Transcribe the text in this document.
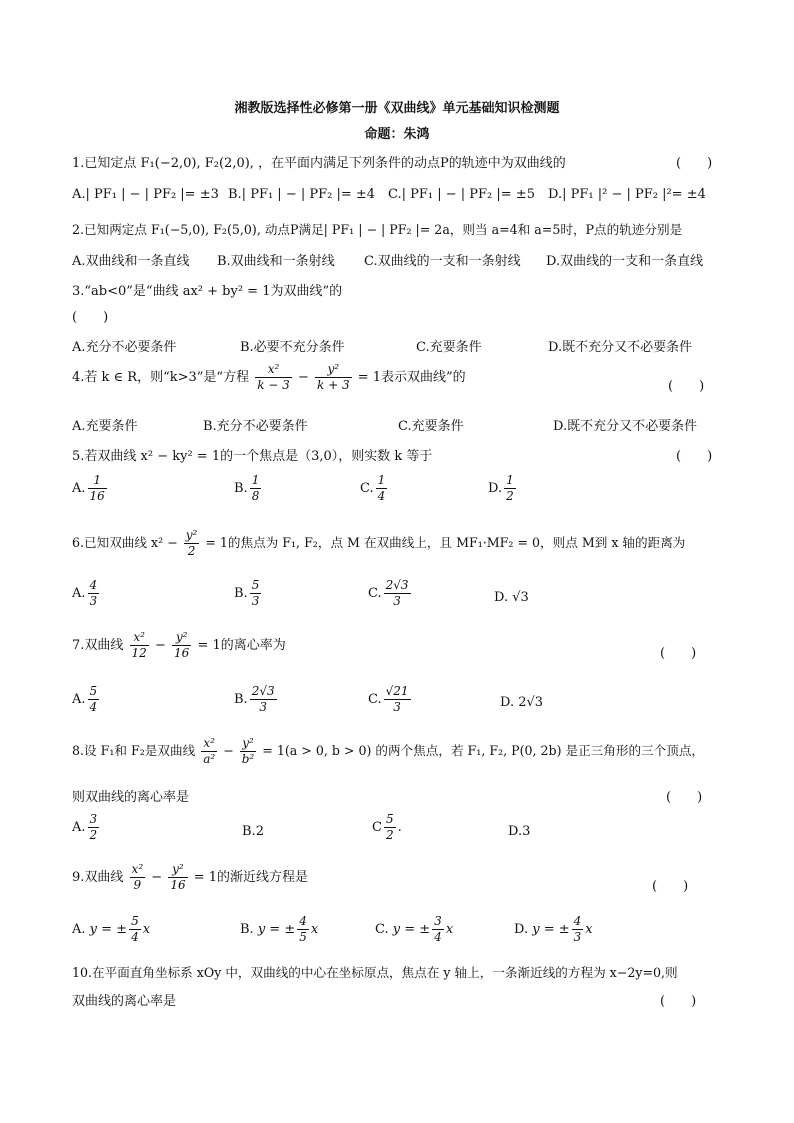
湘教版选择性必修第一册《双曲线》单元基础知识检测题
命题：朱鸿
1.已知定点 F₁(−2,0), F₂(2,0), ，在平面内满足下列条件的动点P的轨迹中为双曲线的	(　　)
A.| PF₁ | − | PF₂ |= ±3 B.| PF₁ | − | PF₂ |= ±4 C.| PF₁ | − | PF₂ |= ±5 D.| PF₁ |² − | PF₂ |²= ±4
2.已知两定点 F₁(−5,0), F₂(5,0), 动点P满足| PF₁ | − | PF₂ |= 2a，则当 a=4和 a=5时，P点的轨迹分别是
A.双曲线和一条直线 B.双曲线和一条射线 C.双曲线的一支和一条射线 D.双曲线的一支和一条直线
3.“ab<0”是“曲线 ax² + by² = 1为双曲线”的
(　　)
A.充分不必要条件	B.必要不充分条件	C.充要条件	D.既不充分又不必要条件
4.若 k ∈ R，则“k>3”是“方程 $\frac{\text{x²}}{k - 3} - \frac{\text{y²}}{k + 3} = 1$表示双曲线”的
(　　)
A.充要条件	B.充分不必要条件	C.充要条件	D.既不充分又不必要条件
5.若双曲线 x² − ky² = 1的一个焦点是（3,0），则实数 k 等于	(　　)
A. $\frac{1}{16}$	B. $\frac{1}{8}$	C. $\frac{1}{4}$	D. $\frac{1}{2}$
6.已知双曲线 $x^2 - \frac{\text{y²}}{2} = 1$的焦点为 F₁, F₂，点 M 在双曲线上，且 MF₁·MF₂ = 0，则点 M到 x 轴的距离为
A. $\frac{4}{3}$	B. $\frac{5}{3}$	C. $\frac{2√3}{3}$	D. √3
7.双曲线 $\frac{\text{x²}}{12} - \frac{\text{y²}}{16} = 1$的离心率为
(　　)
A. $\frac{5}{4}$	B. $\frac{2√3}{3}$	C. $\frac{√21}{3}$	D. 2√3
8.设 F₁和 F₂是双曲线 $\frac{\text{x²}}{\text{a²}} - \frac{\text{y²}}{\text{b²}} = 1(a > 0$, b > 0) 的两个焦点，若 F₁, F₂, P(0, 2b) 是正三角形的三个顶点，
则双曲线的离心率是	(　　)
A. $\frac{3}{2}$	B.2	C $\frac{5}{2}$ .	D.3
9.双曲线 $\frac{\text{x²}}{9} - \frac{\text{y²}}{16} = 1$的渐近线方程是
(　　)
A. y = ± $\frac{5}{4}$ x	B. y = ± $\frac{4}{5}$ x	C. y = ± $\frac{3}{4}$ x	D. y = ± $\frac{4}{3}$ x
10.在平面直角坐标系 xOy 中，双曲线的中心在坐标原点，焦点在 y 轴上，一条渐近线的方程为 x−2y=0,则
双曲线的离心率是	(　　)
